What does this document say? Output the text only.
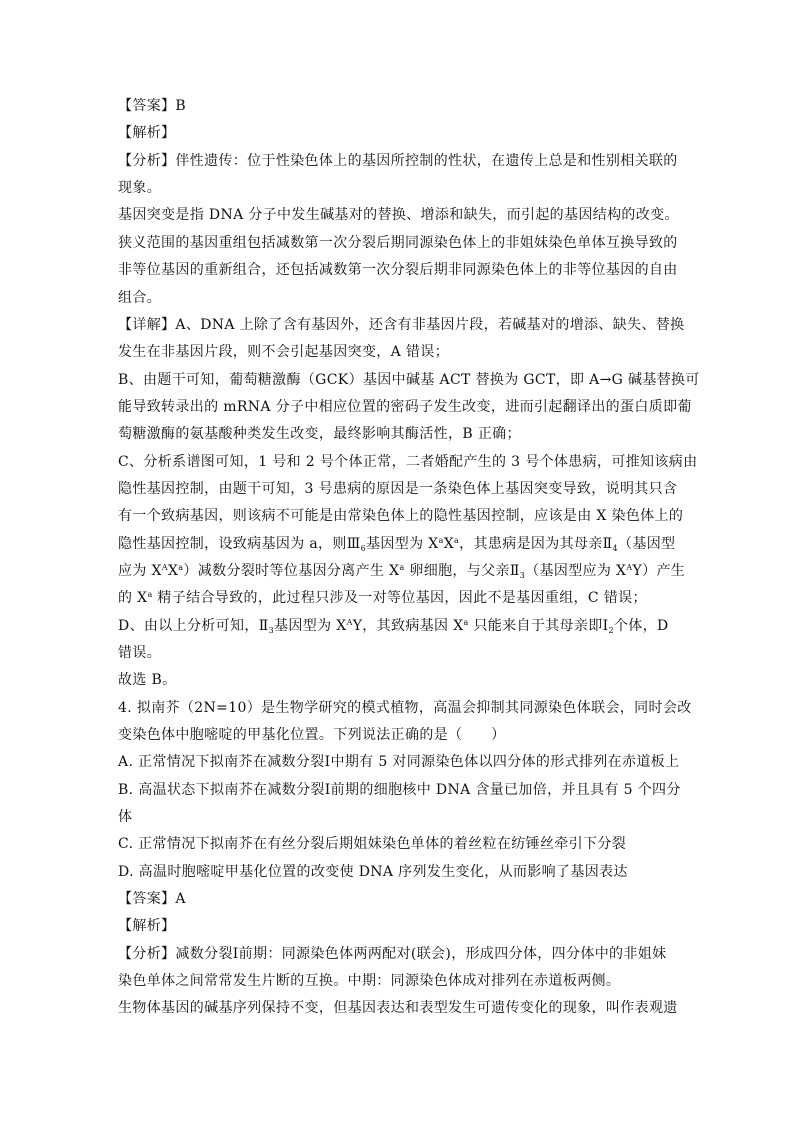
【答案】B
【解析】
【分析】伴性遗传：位于性染色体上的基因所控制的性状，在遗传上总是和性别相关联的
现象。
基因突变是指 DNA 分子中发生碱基对的替换、增添和缺失，而引起的基因结构的改变。
狭义范围的基因重组包括减数第一次分裂后期同源染色体上的非姐妹染色单体互换导致的
非等位基因的重新组合，还包括减数第一次分裂后期非同源染色体上的非等位基因的自由
组合。
【详解】A、DNA 上除了含有基因外，还含有非基因片段，若碱基对的增添、缺失、替换
发生在非基因片段，则不会引起基因突变，A 错误；
B、由题干可知，葡萄糖激酶（GCK）基因中碱基 ACT 替换为 GCT，即 A→G 碱基替换可
能导致转录出的 mRNA 分子中相应位置的密码子发生改变，进而引起翻译出的蛋白质即葡
萄糖激酶的氨基酸种类发生改变，最终影响其酶活性，B 正确；
C、分析系谱图可知，1 号和 2 号个体正常，二者婚配产生的 3 号个体患病，可推知该病由
隐性基因控制，由题干可知，3 号患病的原因是一条染色体上基因突变导致，说明其只含
有一个致病基因，则该病不可能是由常染色体上的隐性基因控制，应该是由 X 染色体上的
隐性基因控制，设致病基因为 a，则$Ⅲ_6$基因型为 $X^aX^a$，其患病是因为其母亲$Ⅱ_4$（基因型
应为 $X^AX^a$）减数分裂时等位基因分离产生 $X^a$ 卵细胞，与父亲$Ⅱ_3$（基因型应为 $X^AY$）产生
的 $X^a$ 精子结合导致的，此过程只涉及一对等位基因，因此不是基因重组，C 错误；
D、由以上分析可知，$Ⅱ_3$基因型为 $X^AY$，其致病基因 $X^a$ 只能来自于其母亲即$Ⅰ_2$个体，D
错误。
故选 B。
4. 拟南芥（2N=10）是生物学研究的模式植物，高温会抑制其同源染色体联会，同时会改
变染色体中胞嘧啶的甲基化位置。下列说法正确的是（　　）
A. 正常情况下拟南芥在减数分裂Ⅰ中期有 5 对同源染色体以四分体的形式排列在赤道板上
B. 高温状态下拟南芥在减数分裂Ⅰ前期的细胞核中 DNA 含量已加倍，并且具有 5 个四分
体
C. 正常情况下拟南芥在有丝分裂后期姐妹染色单体的着丝粒在纺锤丝牵引下分裂
D. 高温时胞嘧啶甲基化位置的改变使 DNA 序列发生变化，从而影响了基因表达
【答案】A
【解析】
【分析】减数分裂Ⅰ前期：同源染色体两两配对(联会)，形成四分体，四分体中的非姐妹
染色单体之间常常发生片断的互换。中期：同源染色体成对排列在赤道板两侧。
生物体基因的碱基序列保持不变，但基因表达和表型发生可遗传变化的现象，叫作表观遗
